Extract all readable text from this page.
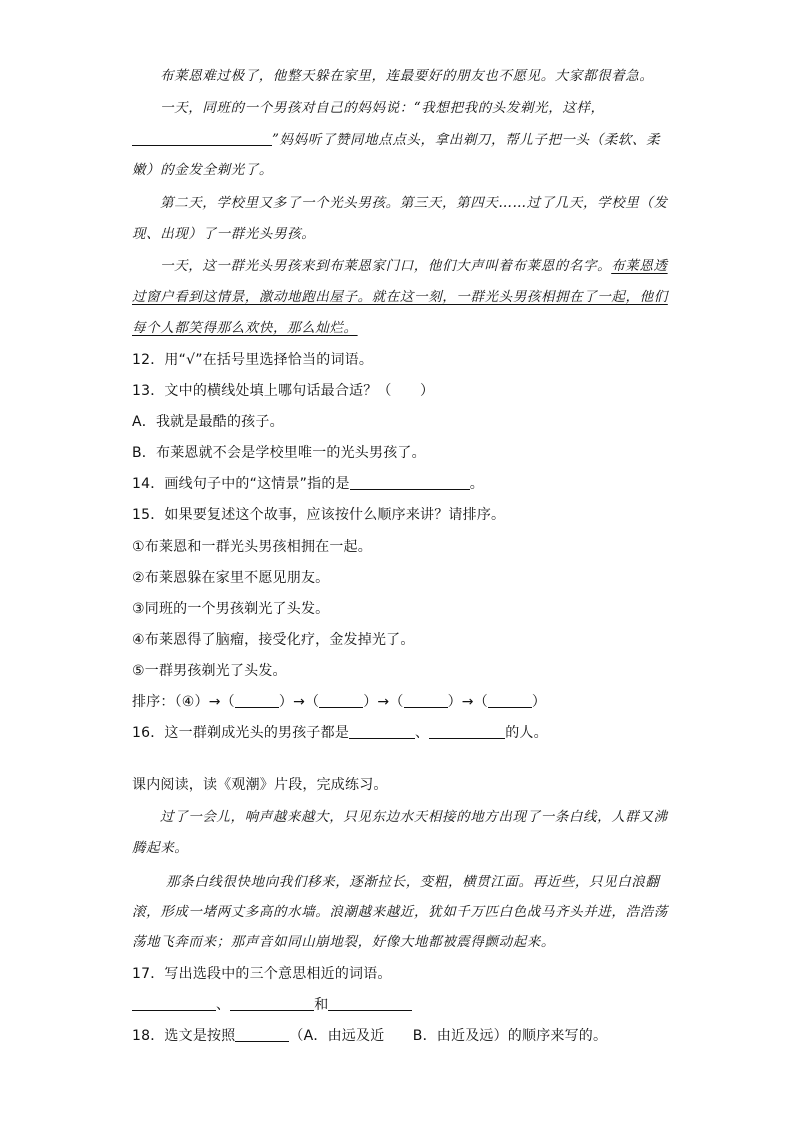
布莱恩难过极了，他整天躲在家里，连最要好的朋友也不愿见。大家都很着急。
一天，同班的一个男孩对自己的妈妈说：“我想把我的头发剃光，这样，
”妈妈听了赞同地点点头，拿出剃刀，帮儿子把一头（柔软、柔
嫩）的金发全剃光了。
第二天，学校里又多了一个光头男孩。第三天，第四天……过了几天，学校里（发
现、出现）了一群光头男孩。
一天，这一群光头男孩来到布莱恩家门口，他们大声叫着布莱恩的名字。布莱恩透
过窗户看到这情景，激动地跑出屋子。就在这一刻，一群光头男孩相拥在了一起，他们
每个人都笑得那么欢快，那么灿烂。
12．用“√”在括号里选择恰当的词语。
13．文中的横线处填上哪句话最合适？（　　）
A．我就是最酷的孩子。
B．布莱恩就不会是学校里唯一的光头男孩了。
14．画线句子中的“这情景”指的是	。
15．如果要复述这个故事，应该按什么顺序来讲？请排序。
①布莱恩和一群光头男孩相拥在一起。
②布莱恩躲在家里不愿见朋友。
③同班的一个男孩剃光了头发。
④布莱恩得了脑瘤，接受化疗，金发掉光了。
⑤一群男孩剃光了头发。
排序：（④）→（	）→（	）→（	）→（	）
16．这一群剃成光头的男孩子都是	、	的人。
课内阅读，读《观潮》片段，完成练习。
过了一会儿，响声越来越大，只见东边水天相接的地方出现了一条白线，人群又沸
腾起来。
那条白线很快地向我们移来，逐渐拉长，变粗，横贯江面。再近些，只见白浪翻
滚，形成一堵两丈多高的水墙。浪潮越来越近，犹如千万匹白色战马齐头并进，浩浩荡
荡地飞奔而来；那声音如同山崩地裂，好像大地都被震得颤动起来。
17．写出选段中的三个意思相近的词语。
、	和
18．选文是按照	（A．由远及近　　B．由近及远）的顺序来写的。
